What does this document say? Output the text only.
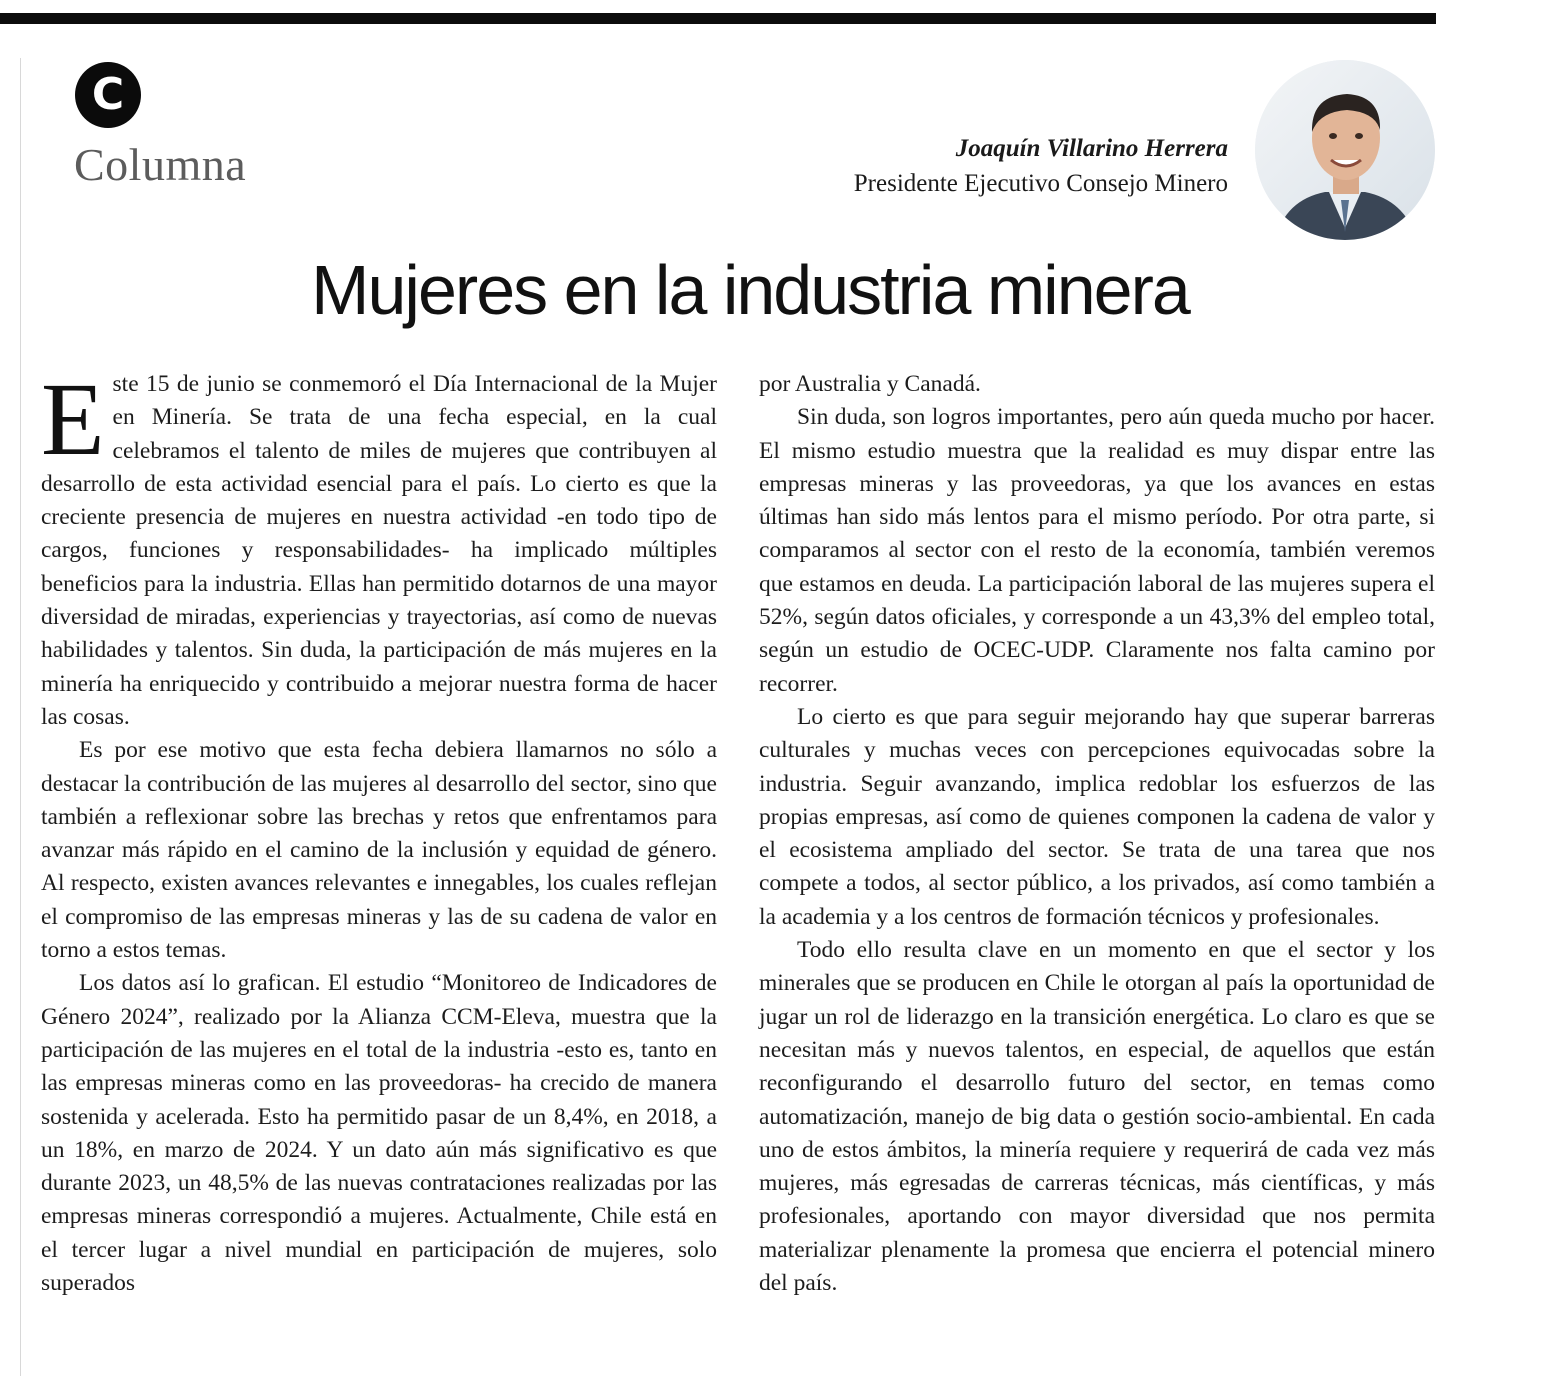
C
Columna	Joaquín Villarino Herrera
Presidente Ejecutivo Consejo Minero
Mujeres en la industria minera

Este 15 de junio se conmemoró el Día Internacional de la Mujer en Minería. Se trata de una fecha especial, en la cual celebramos el talento de miles de mujeres que contribuyen al desarrollo de esta actividad esencial para el país. Lo cierto es que la creciente presencia de mujeres en nuestra actividad -en todo tipo de cargos, funciones y responsabilidades- ha implicado múltiples beneficios para la industria. Ellas han permitido dotarnos de una mayor diversidad de miradas, experiencias y trayectorias, así como de nuevas habilidades y talentos. Sin duda, la participación de más mujeres en la minería ha enriquecido y contribuido a mejorar nuestra forma de hacer las cosas.

Es por ese motivo que esta fecha debiera llamarnos no sólo a destacar la contribución de las mujeres al desarrollo del sector, sino que también a reflexionar sobre las brechas y retos que enfrentamos para avanzar más rápido en el camino de la inclusión y equidad de género. Al respecto, existen avances relevantes e innegables, los cuales reflejan el compromiso de las empresas mineras y las de su cadena de valor en torno a estos temas.

Los datos así lo grafican. El estudio “Monitoreo de Indicadores de Género 2024”, realizado por la Alianza CCM-Eleva, muestra que la participación de las mujeres en el total de la industria -esto es, tanto en las empresas mineras como en las proveedoras- ha crecido de manera sostenida y acelerada. Esto ha permitido pasar de un 8,4%, en 2018, a un 18%, en marzo de 2024. Y un dato aún más significativo es que durante 2023, un 48,5% de las nuevas contrataciones realizadas por las empresas mineras correspondió a mujeres. Actualmente, Chile está en el tercer lugar a nivel mundial en participación de mujeres, solo superados

por Australia y Canadá.

Sin duda, son logros importantes, pero aún queda mucho por hacer. El mismo estudio muestra que la realidad es muy dispar entre las empresas mineras y las proveedoras, ya que los avances en estas últimas han sido más lentos para el mismo período. Por otra parte, si comparamos al sector con el resto de la economía, también veremos que estamos en deuda. La participación laboral de las mujeres supera el 52%, según datos oficiales, y corresponde a un 43,3% del empleo total, según un estudio de OCEC-UDP. Claramente nos falta camino por recorrer.

Lo cierto es que para seguir mejorando hay que superar barreras culturales y muchas veces con percepciones equivocadas sobre la industria. Seguir avanzando, implica redoblar los esfuerzos de las propias empresas, así como de quienes componen la cadena de valor y el ecosistema ampliado del sector. Se trata de una tarea que nos compete a todos, al sector público, a los privados, así como también a la academia y a los centros de formación técnicos y profesionales.

Todo ello resulta clave en un momento en que el sector y los minerales que se producen en Chile le otorgan al país la oportunidad de jugar un rol de liderazgo en la transición energética. Lo claro es que se necesitan más y nuevos talentos, en especial, de aquellos que están reconfigurando el desarrollo futuro del sector, en temas como automatización, manejo de big data o gestión socio-ambiental. En cada uno de estos ámbitos, la minería requiere y requerirá de cada vez más mujeres, más egresadas de carreras técnicas, más científicas, y más profesionales, aportando con mayor diversidad que nos permita materializar plenamente la promesa que encierra el potencial minero del país.
